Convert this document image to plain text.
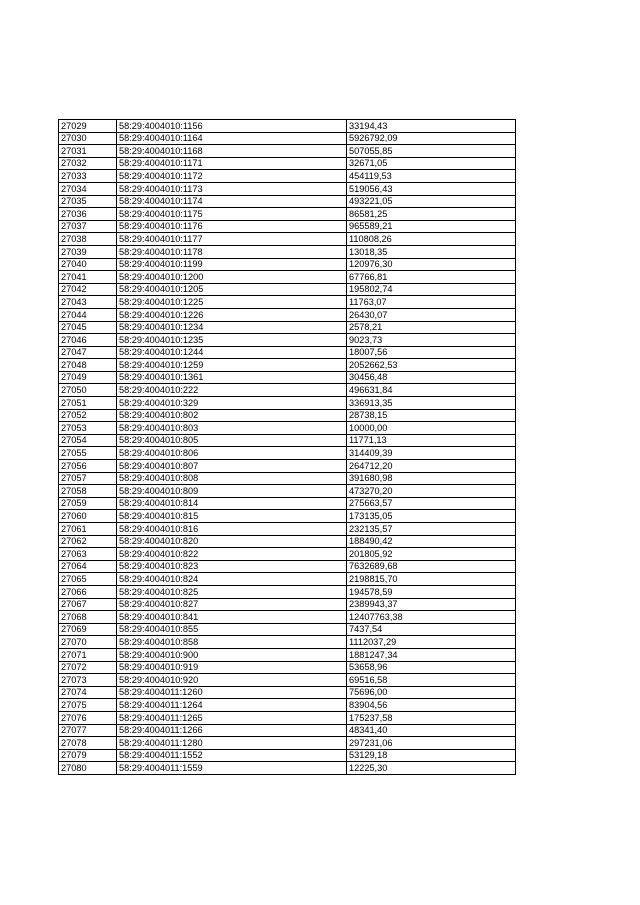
27029	58:29:4004010:1156	33194,43
27030	58:29:4004010:1164	5926792,09
27031	58:29:4004010:1168	507055,85
27032	58:29:4004010:1171	32671,05
27033	58:29:4004010:1172	454119,53
27034	58:29:4004010:1173	519056,43
27035	58:29:4004010:1174	493221,05
27036	58:29:4004010:1175	86581,25
27037	58:29:4004010:1176	965589,21
27038	58:29:4004010:1177	110808,26
27039	58:29:4004010:1178	13018,35
27040	58:29:4004010:1199	120976,30
27041	58:29:4004010:1200	67766,81
27042	58:29:4004010:1205	195802,74
27043	58:29:4004010:1225	11763,07
27044	58:29:4004010:1226	26430,07
27045	58:29:4004010:1234	2578,21
27046	58:29:4004010:1235	9023,73
27047	58:29:4004010:1244	18007,56
27048	58:29:4004010:1259	2052662,53
27049	58:29:4004010:1361	30456,48
27050	58:29:4004010:222	496631,84
27051	58:29:4004010:329	336913,35
27052	58:29:4004010:802	28738,15
27053	58:29:4004010:803	10000,00
27054	58:29:4004010:805	11771,13
27055	58:29:4004010:806	314409,39
27056	58:29:4004010:807	264712,20
27057	58:29:4004010:808	391680,98
27058	58:29:4004010:809	473270,20
27059	58:29:4004010:814	275663,57
27060	58:29:4004010:815	173135,05
27061	58:29:4004010:816	232135,57
27062	58:29:4004010:820	188490,42
27063	58:29:4004010:822	201805,92
27064	58:29:4004010:823	7632689,68
27065	58:29:4004010:824	2198815,70
27066	58:29:4004010:825	194578,59
27067	58:29:4004010:827	2389943,37
27068	58:29:4004010:841	12407763,38
27069	58:29:4004010:855	7437,54
27070	58:29:4004010:858	1112037,29
27071	58:29:4004010:900	1881247,34
27072	58:29:4004010:919	53658,96
27073	58:29:4004010:920	69516,58
27074	58:29:4004011:1260	75696,00
27075	58:29:4004011:1264	83904,56
27076	58:29:4004011:1265	175237,58
27077	58:29:4004011:1266	48341,40
27078	58:29:4004011:1280	297231,06
27079	58:29:4004011:1552	53129,18
27080	58:29:4004011:1559	12225,30
